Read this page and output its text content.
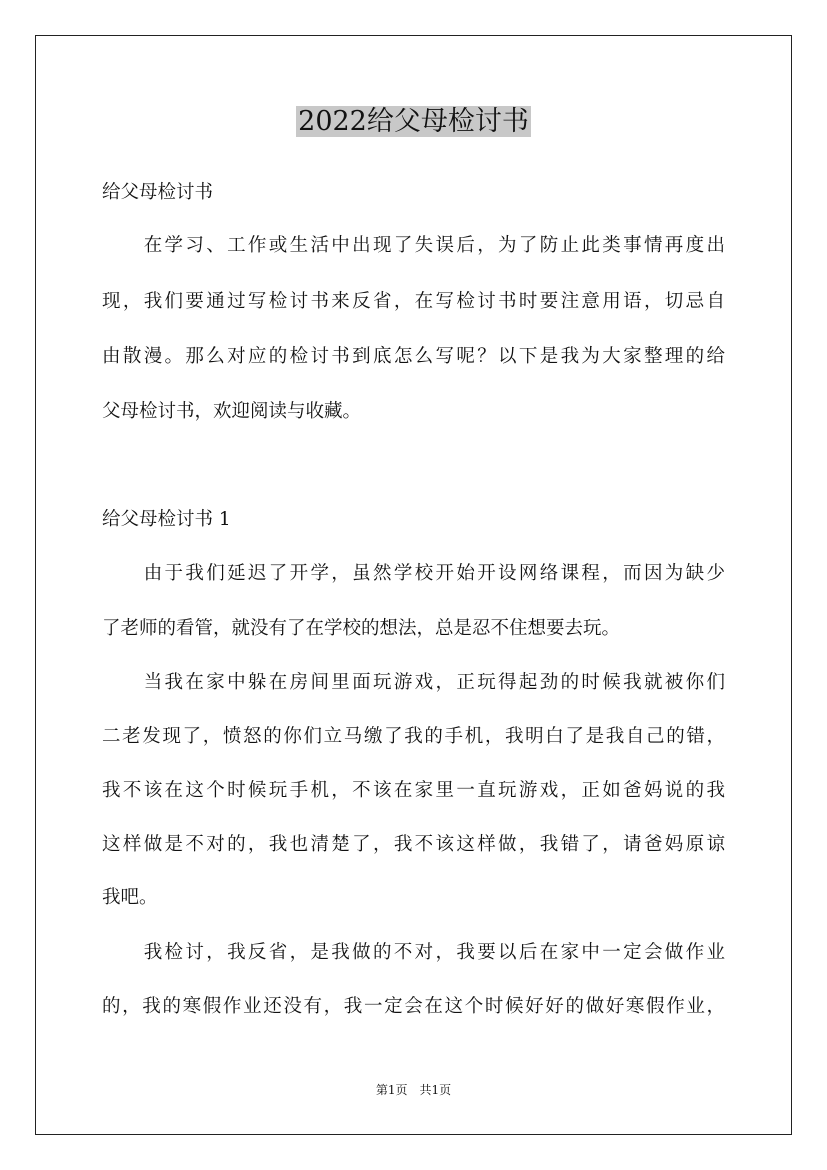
2022给父母检讨书
给父母检讨书
　　在学习、工作或生活中出现了失误后，为了防止此类事情再度出
现，我们要通过写检讨书来反省，在写检讨书时要注意用语，切忌自
由散漫。那么对应的检讨书到底怎么写呢？以下是我为大家整理的给
父母检讨书，欢迎阅读与收藏。
给父母检讨书 1
　　由于我们延迟了开学，虽然学校开始开设网络课程，而因为缺少
了老师的看管，就没有了在学校的想法，总是忍不住想要去玩。
　　当我在家中躲在房间里面玩游戏，正玩得起劲的时候我就被你们
二老发现了，愤怒的你们立马缴了我的手机，我明白了是我自己的错，
我不该在这个时候玩手机，不该在家里一直玩游戏，正如爸妈说的我
这样做是不对的，我也清楚了，我不该这样做，我错了，请爸妈原谅
我吧。
　　我检讨，我反省，是我做的不对，我要以后在家中一定会做作业
的，我的寒假作业还没有，我一定会在这个时候好好的做好寒假作业，
第1页　共1页
